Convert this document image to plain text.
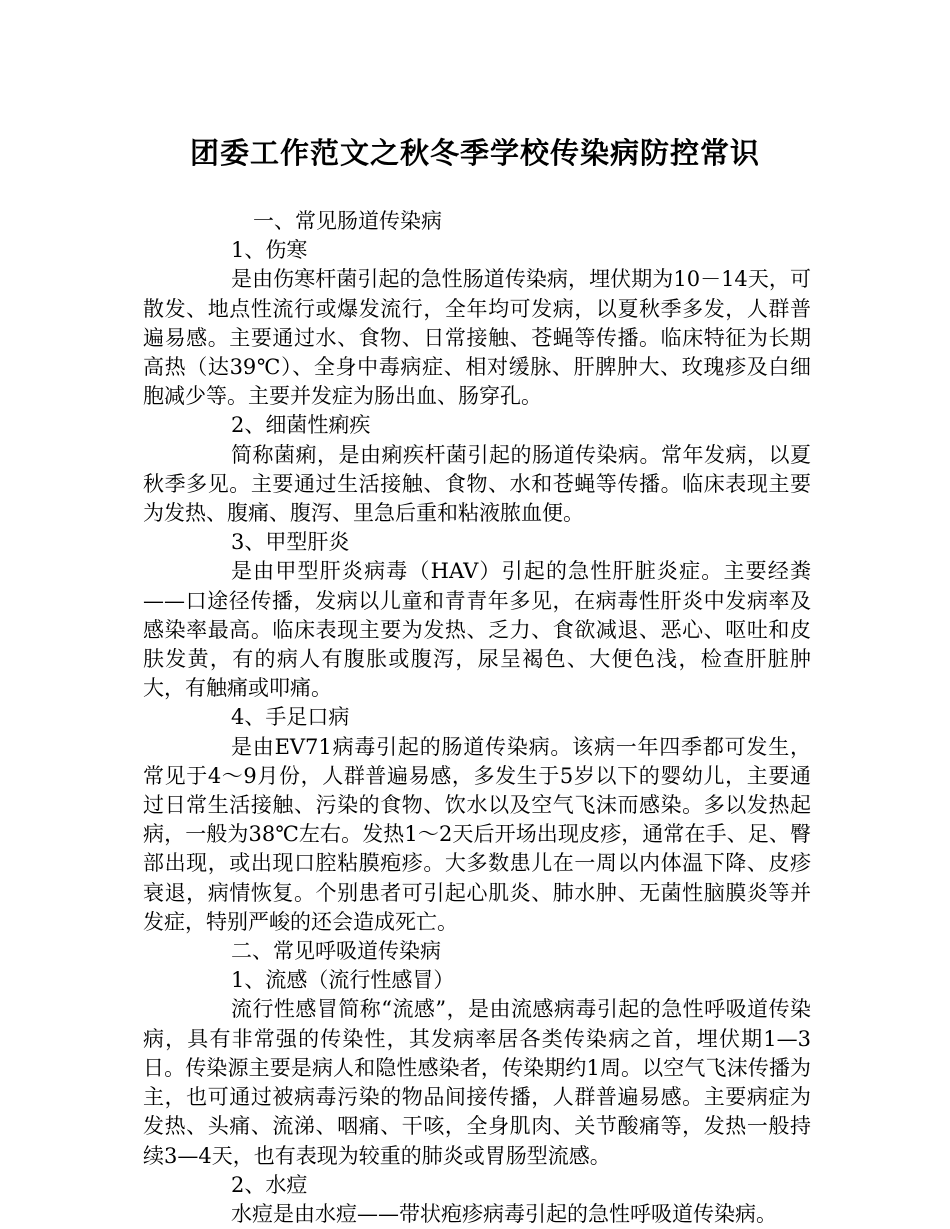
团委工作范文之秋冬季学校传染病防控常识

一、常见肠道传染病

1、伤寒

是由伤寒杆菌引起的急性肠道传染病，埋伏期为10－14天，可散发、地点性流行或爆发流行，全年均可发病，以夏秋季多发，人群普遍易感。主要通过水、食物、日常接触、苍蝇等传播。临床特征为长期高热（达39℃）、全身中毒病症、相对缓脉、肝脾肿大、玫瑰疹及白细胞减少等。主要并发症为肠出血、肠穿孔。

2、细菌性痢疾

简称菌痢，是由痢疾杆菌引起的肠道传染病。常年发病，以夏秋季多见。主要通过生活接触、食物、水和苍蝇等传播。临床表现主要为发热、腹痛、腹泻、里急后重和粘液脓血便。

3、甲型肝炎

是由甲型肝炎病毒（HAV）引起的急性肝脏炎症。主要经粪——口途径传播，发病以儿童和青青年多见，在病毒性肝炎中发病率及感染率最高。临床表现主要为发热、乏力、食欲减退、恶心、呕吐和皮肤发黄，有的病人有腹胀或腹泻，尿呈褐色、大便色浅，检查肝脏肿大，有触痛或叩痛。

4、手足口病

是由EV71病毒引起的肠道传染病。该病一年四季都可发生，常见于4～9月份，人群普遍易感，多发生于5岁以下的婴幼儿，主要通过日常生活接触、污染的食物、饮水以及空气飞沫而感染。多以发热起病，一般为38℃左右。发热1～2天后开场出现皮疹，通常在手、足、臀部出现，或出现口腔粘膜疱疹。大多数患儿在一周以内体温下降、皮疹衰退，病情恢复。个别患者可引起心肌炎、肺水肿、无菌性脑膜炎等并发症，特别严峻的还会造成死亡。

二、常见呼吸道传染病

1、流感（流行性感冒）

流行性感冒简称“流感”，是由流感病毒引起的急性呼吸道传染病，具有非常强的传染性，其发病率居各类传染病之首，埋伏期1—3日。传染源主要是病人和隐性感染者，传染期约1周。以空气飞沫传播为主，也可通过被病毒污染的物品间接传播，人群普遍易感。主要病症为发热、头痛、流涕、咽痛、干咳，全身肌肉、关节酸痛等，发热一般持续3—4天，也有表现为较重的肺炎或胃肠型流感。

2、水痘

水痘是由水痘——带状疱疹病毒引起的急性呼吸道传染病。
